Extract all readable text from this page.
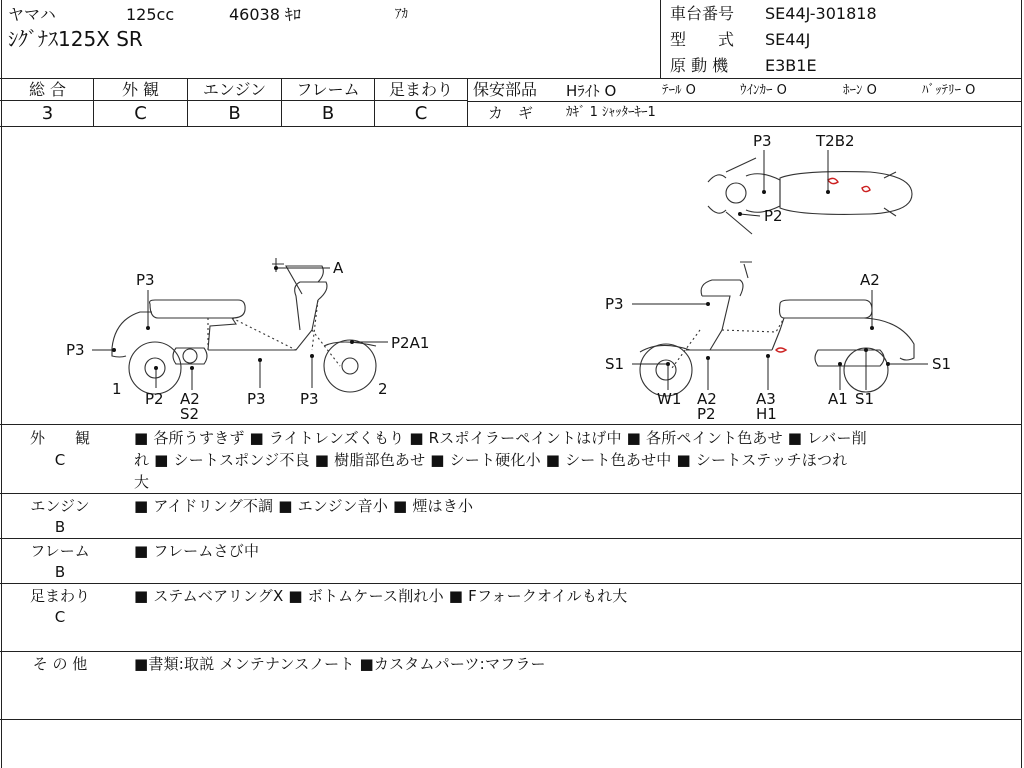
ヤマハ	125cc	46038 ｷﾛ	ｱｶ
ｼｸﾞﾅｽ125X SR
車台番号 SE44J-301818
型　　式 SE44J
原 動 機 E3B1E
総 合	外 観	エンジン	フレーム	足まわり
3	C	B	B	C
保安部品 Hﾗｲﾄ O	ﾃｰﾙ O	ｳｲﾝｶｰ O	ﾎｰﾝ O	ﾊﾞｯﾃﾘｰ O
カ　ギ	ｶｷﾞ 1 ｼｬｯﾀｰｷｰ1
A
P3
P3	P2A1
1	2
P2 A2
S2
P3 P3
P3
A2
S1	S1
W1 A2
P2
A3
H1
A1 S1
P3	T2B2
P2
外　　観
C
■ 各所うすきず ■ ライトレンズくもり ■ Rスポイラーペイントはげ中 ■ 各所ペイント色あせ ■ レバー削
れ ■ シートスポンジ不良 ■ 樹脂部色あせ ■ シート硬化小 ■ シート色あせ中 ■ シートステッチほつれ
大
エンジン
B
■ アイドリング不調 ■ エンジン音小 ■ 煙はき小
フレーム
B
■ フレームさび中
足まわり
C
■ ステムベアリングX ■ ボトムケース削れ小 ■ Fフォークオイルもれ大
そ の 他	■書類:取説 メンテナンスノート ■カスタムパーツ:マフラー
